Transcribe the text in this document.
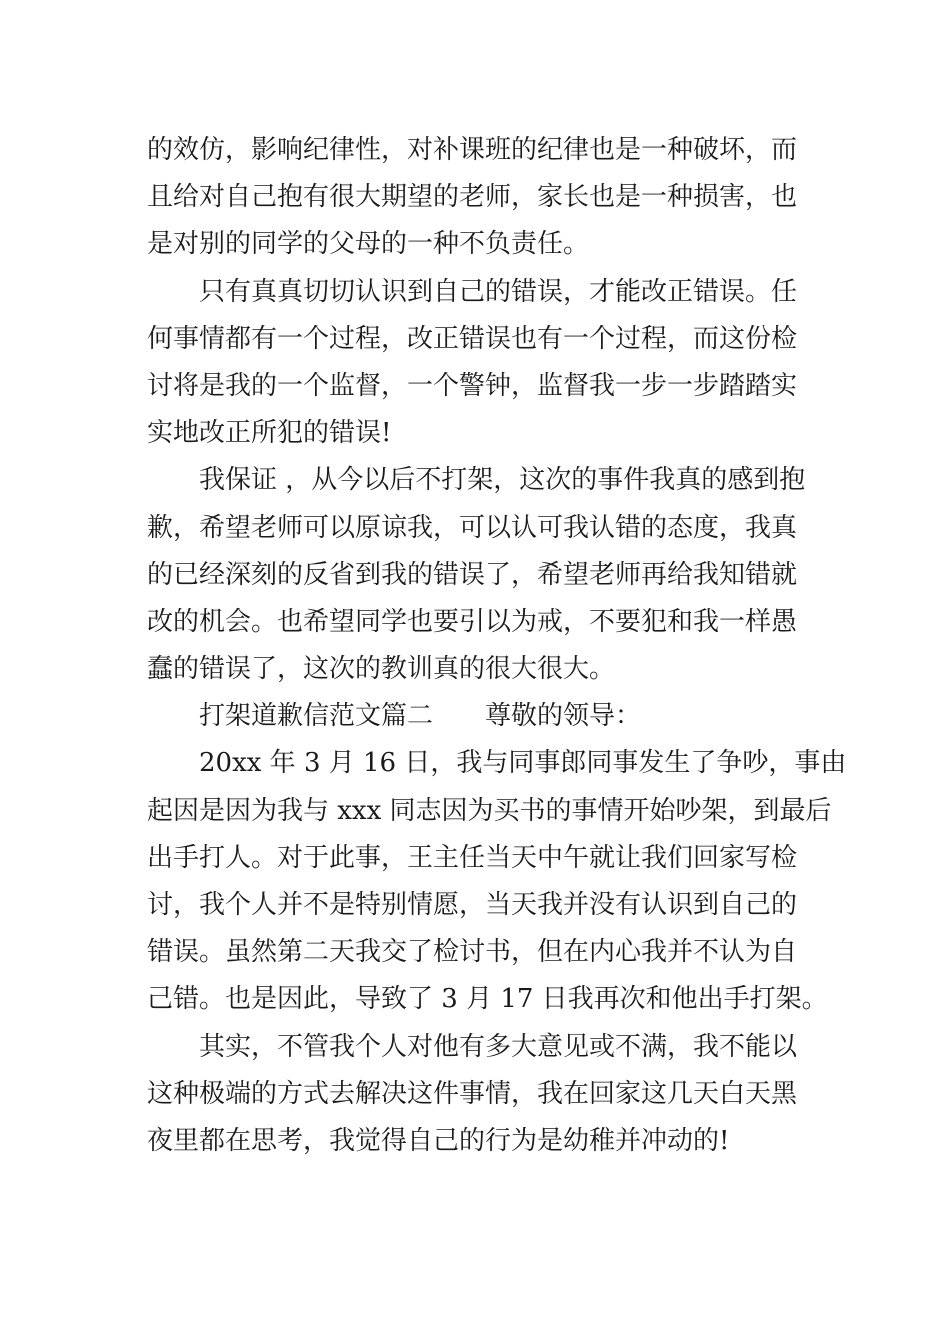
的效仿，影响纪律性，对补课班的纪律也是一种破坏，而
且给对自己抱有很大期望的老师，家长也是一种损害，也
是对别的同学的父母的一种不负责任。

只有真真切切认识到自己的错误，才能改正错误。任
何事情都有一个过程，改正错误也有一个过程，而这份检
讨将是我的一个监督，一个警钟，监督我一步一步踏踏实
实地改正所犯的错误!

我保证 ，从今以后不打架，这次的事件我真的感到抱
歉，希望老师可以原谅我，可以认可我认错的态度，我真
的已经深刻的反省到我的错误了，希望老师再给我知错就
改的机会。也希望同学也要引以为戒，不要犯和我一样愚
蠢的错误了，这次的教训真的很大很大。

打架道歉信范文篇二　　尊敬的领导：

20xx 年 3 月 16 日，我与同事郎同事发生了争吵，事由
起因是因为我与 xxx 同志因为买书的事情开始吵架，到最后
出手打人。对于此事，王主任当天中午就让我们回家写检
讨，我个人并不是特别情愿，当天我并没有认识到自己的
错误。虽然第二天我交了检讨书，但在内心我并不认为自
己错。也是因此，导致了 3 月 17 日我再次和他出手打架。

其实，不管我个人对他有多大意见或不满，我不能以
这种极端的方式去解决这件事情，我在回家这几天白天黑
夜里都在思考，我觉得自己的行为是幼稚并冲动的!
